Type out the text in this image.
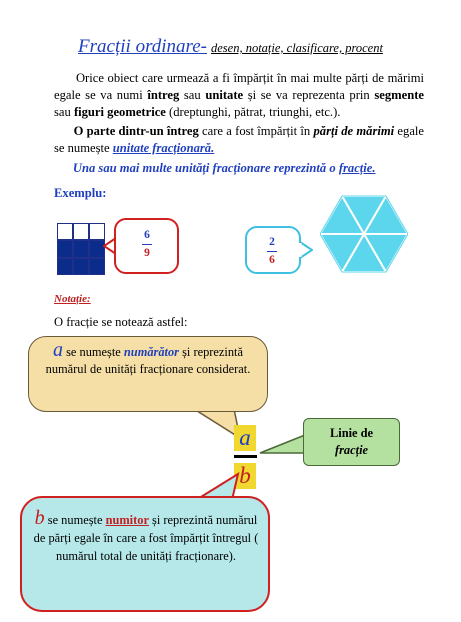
Fracții ordinare- desen, notație, clasificare, procent
Orice obiect care urmează a fi împărțit în mai multe părți de mărimi egale se va numi întreg sau unitate și se va reprezenta prin segmente sau figuri geometrice (dreptunghi, pătrat, triunghi, etc.).
O parte dintr-un întreg care a fost împărțit în părți de mărimi egale se numește unitate fracționară.
Una sau mai multe unități fracționare reprezintă o fracție.
Exemplu:
6
9
2
6
Notație:
O fracție se notează astfel:
a se numește numărător și reprezintă numărul de unități fracționare considerat.
a
b
Linie de
fracție
b se numește numitor și reprezintă numărul de părți egale în care a fost împărțit întregul ( numărul total de unități fracționare).
